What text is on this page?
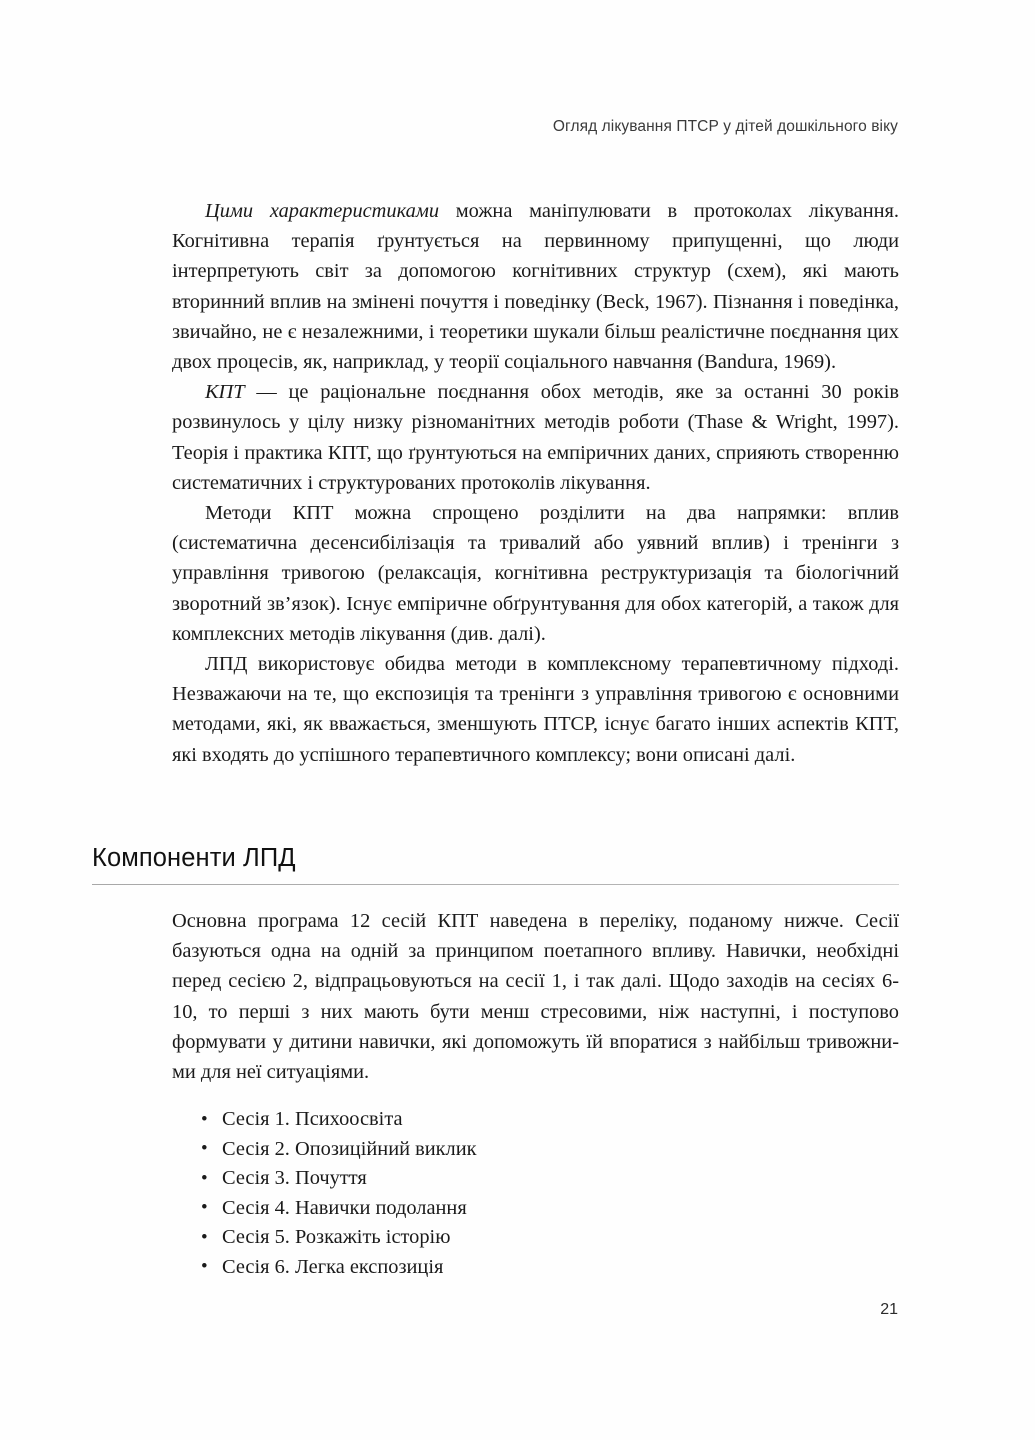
Огляд лікування ПТСР у дітей дошкільного віку

Цими характеристиками можна маніпулювати в протоколах лікування. Когнітивна терапія ґрунтується на первинному припущенні, що люди інтерпретують світ за допомогою когнітивних структур (схем), які мають вторинний вплив на змінені почуття і поведінку (Beck, 1967). Пізнання і поведінка, звичайно, не є незалежними, і теоретики шукали більш реалістичне поєднання цих двох процесів, як, наприклад, у теорії соціального навчання (Bandura, 1969).

КПТ — це раціональне поєднання обох методів, яке за останні 30 років розвинулось у цілу низку різноманітних методів роботи (Thase & Wright, 1997). Теорія і практика КПТ, що ґрунтуються на емпіричних даних, сприяють створенню систематичних і структурованих протоколів лікування.

Методи КПТ можна спрощено розділити на два напрямки: вплив (систематична десенсибілізація та тривалий або уявний вплив) і тренінги з управління тривогою (релаксація, когнітивна реструктуризація та біологічний зворотний зв’язок). Існує емпіричне обґрунтування для обох категорій, а також для комплексних методів лікування (див. далі).

ЛПД використовує обидва методи в комплексному терапевтичному підході. Незважаючи на те, що експозиція та тренінги з управління тривогою є основними методами, які, як вважається, зменшують ПТСР, існує багато інших аспектів КПТ, які входять до успішного терапевтичного комплексу; вони описані далі.

Компоненти ЛПД

Основна програма 12 сесій КПТ наведена в переліку, поданому нижче. Сесії базуються одна на одній за принципом поетапного впливу. Навички, необхідні перед сесією 2, відпрацьовуються на сесії 1, і так далі. Щодо заходів на сесіях 6-10, то перші з них мають бути менш стресовими, ніж наступні, і поступово формувати у дитини навички, які допоможуть їй впоратися з найбільш тривожними для неї ситуаціями.

• Сесія 1. Психоосвіта
• Сесія 2. Опозиційний виклик
• Сесія 3. Почуття
• Сесія 4. Навички подолання
• Сесія 5. Розкажіть історію
• Сесія 6. Легка експозиція
21
